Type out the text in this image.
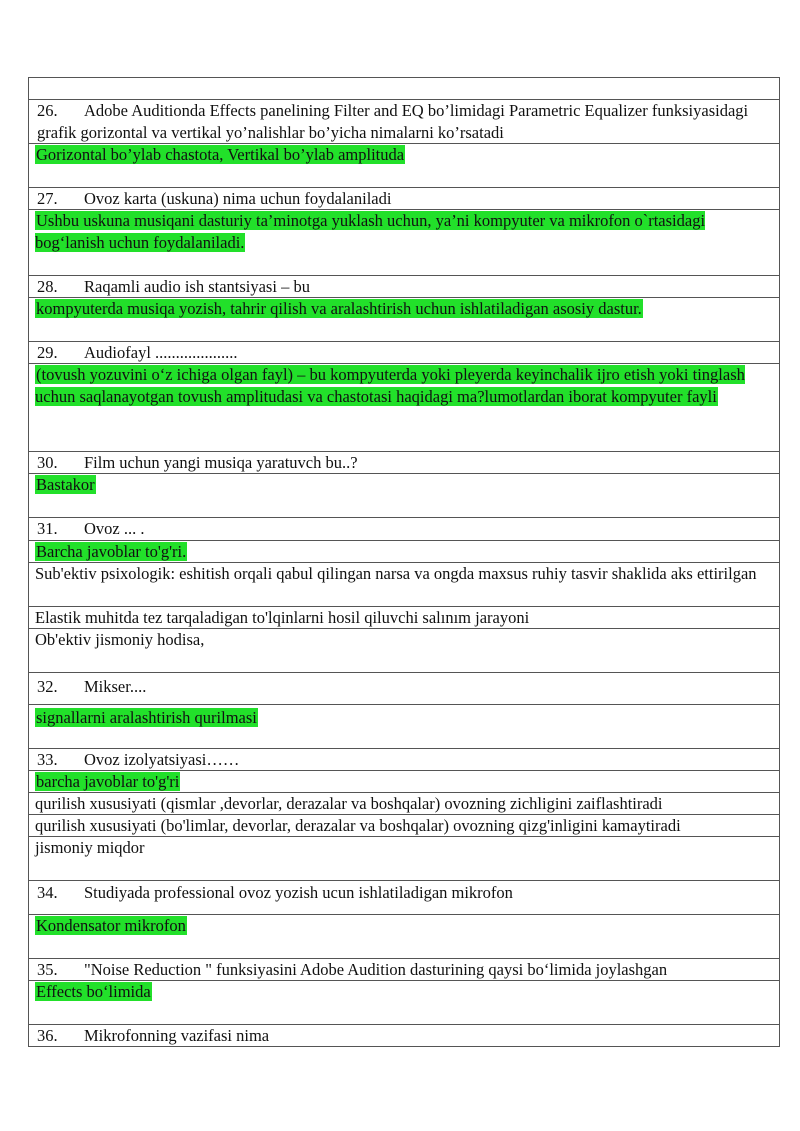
26. Adobe Auditionda Effects panelining Filter and EQ bo’limidagi Parametric Equalizer funksiyasidagi grafik gorizontal va vertikal yo’nalishlar bo’yicha nimalarni ko’rsatadi
Gorizontal bo’ylab chastota, Vertikal bo’ylab amplituda
27. Ovoz karta (uskuna) nima uchun foydalaniladi
Ushbu uskuna musiqani dasturiy ta’minotga yuklash uchun, ya’ni kompyuter va mikrofon o`rtasidagi bog‘lanish uchun foydalaniladi.
28. Raqamli audio ish stantsiyasi – bu
kompyuterda musiqa yozish, tahrir qilish va aralashtirish uchun ishlatiladigan asosiy dastur.
29. Audiofayl ....................
(tovush yozuvini o‘z ichiga olgan fayl) – bu kompyuterda yoki pleyerda keyinchalik ijro etish yoki tinglash uchun saqlanayotgan tovush amplitudasi va chastotasi haqidagi ma?lumotlardan iborat kompyuter fayli
30. Film uchun yangi musiqa yaratuvch bu..?
Bastakor
31. Ovoz ... .
Barcha javoblar to'g'ri.
Sub'ektiv psixologik: eshitish orqali qabul qilingan narsa va ongda maxsus ruhiy tasvir shaklida aks ettirilgan
Elastik muhitda tez tarqaladigan to'lqinlarni hosil qiluvchi salınım jarayoni
Ob'ektiv jismoniy hodisa,
32. Mikser....
signallarni aralashtirish qurilmasi
33. Ovoz izolyatsiyasi……
barcha javoblar to'g'ri
qurilish xususiyati (qismlar ,devorlar, derazalar va boshqalar) ovozning zichligini zaiflashtiradi
qurilish xususiyati (bo'limlar, devorlar, derazalar va boshqalar) ovozning qizg'inligini kamaytiradi
jismoniy miqdor
34. Studiyada professional ovoz yozish ucun ishlatiladigan mikrofon
Kondensator mikrofon
35. "Noise Reduction " funksiyasini Adobe Audition dasturining qaysi bo‘limida joylashgan
Effects bo‘limida
36. Mikrofonning vazifasi nima
